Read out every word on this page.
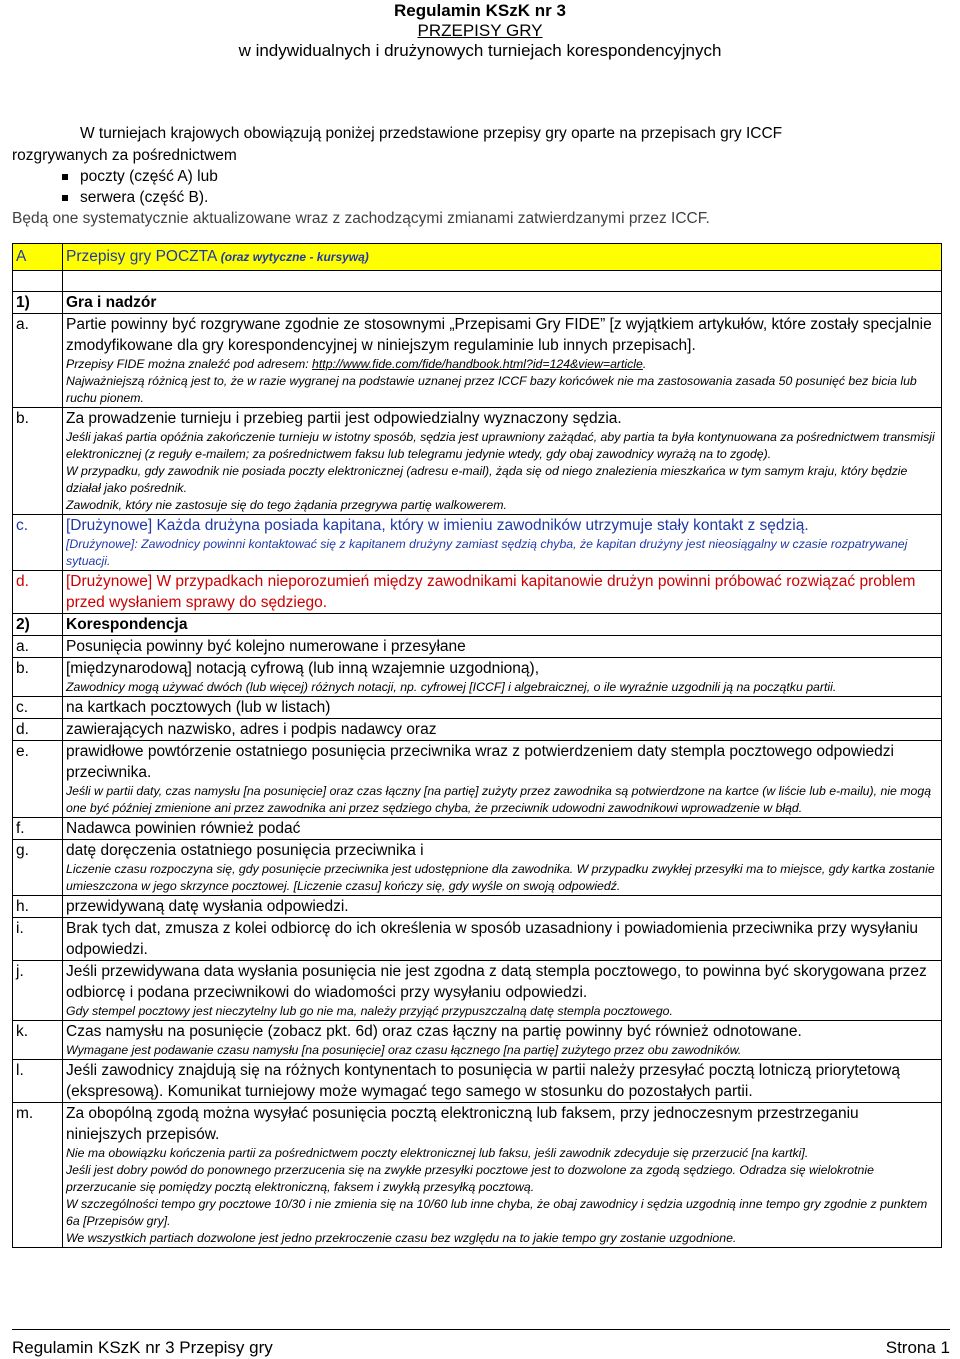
Regulamin KSzK nr 3
PRZEPISY GRY
w indywidualnych i drużynowych turniejach korespondencyjnych
W turniejach krajowych obowiązują poniżej przedstawione przepisy gry oparte na przepisach gry ICCF
rozgrywanych za pośrednictwem
poczty (część A) lub
serwera (część B).
Będą one systematycznie aktualizowane wraz z zachodzącymi zmianami zatwierdzanymi przez ICCF.
A	Przepisy gry POCZTA (oraz wytyczne - kursywą)

1)	Gra i nadzór
a.	Partie powinny być rozgrywane zgodnie ze stosownymi „Przepisami Gry FIDE” [z wyjątkiem artykułów, które zostały specjalnie zmodyfikowane dla gry korespondencyjnej w niniejszym regulaminie lub innych przepisach].
Przepisy FIDE można znaleźć pod adresem: http://www.fide.com/fide/handbook.html?id=124&view=article.
Najważniejszą różnicą jest to, że w razie wygranej na podstawie uznanej przez ICCF bazy końcówek nie ma zastosowania zasada 50 posunięć bez bicia lub ruchu pionem.

b.	Za prowadzenie turnieju i przebieg partii jest odpowiedzialny wyznaczony sędzia.
Jeśli jakaś partia opóźnia zakończenie turnieju w istotny sposób, sędzia jest uprawniony zażądać, aby partia ta była kontynuowana za pośrednictwem transmisji elektronicznej (z reguły e-mailem; za pośrednictwem faksu lub telegramu jedynie wtedy, gdy obaj zawodnicy wyrażą na to zgodę).
W przypadku, gdy zawodnik nie posiada poczty elektronicznej (adresu e-mail), żąda się od niego znalezienia mieszkańca w tym samym kraju, który będzie działał jako pośrednik.
Zawodnik, który nie zastosuje się do tego żądania przegrywa partię walkowerem.

c.	[Drużynowe] Każda drużyna posiada kapitana, który w imieniu zawodników utrzymuje stały kontakt z sędzią.
[Drużynowe]: Zawodnicy powinni kontaktować się z kapitanem drużyny zamiast sędzią chyba, że kapitan drużyny jest nieosiągalny w czasie rozpatrywanej sytuacji.

d.	[Drużynowe] W przypadkach nieporozumień między zawodnikami kapitanowie drużyn powinni próbować rozwiązać problem przed wysłaniem sprawy do sędziego.

2)	Korespondencja
a.	Posunięcia powinny być kolejno numerowane i przesyłane
b.	[międzynarodową] notacją cyfrową (lub inną wzajemnie uzgodnioną),
Zawodnicy mogą używać dwóch (lub więcej) różnych notacji, np. cyfrowej [ICCF] i algebraicznej, o ile wyraźnie uzgodnili ją na początku partii.

c.	na kartkach pocztowych (lub w listach)
d.	zawierających nazwisko, adres i podpis nadawcy oraz
e.	prawidłowe powtórzenie ostatniego posunięcia przeciwnika wraz z potwierdzeniem daty stempla pocztowego odpowiedzi przeciwnika.
Jeśli w partii daty, czas namysłu [na posunięcie] oraz czas łączny [na partię] zużyty przez zawodnika są potwierdzone na kartce (w liście lub e-mailu), nie mogą one być później zmienione ani przez zawodnika ani przez sędziego chyba, że przeciwnik udowodni zawodnikowi wprowadzenie w błąd.

f.	Nadawca powinien również podać
g.	datę doręczenia ostatniego posunięcia przeciwnika i
Liczenie czasu rozpoczyna się, gdy posunięcie przeciwnika jest udostępnione dla zawodnika. W przypadku zwykłej przesyłki ma to miejsce, gdy kartka zostanie umieszczona w jego skrzynce pocztowej. [Liczenie czasu] kończy się, gdy wyśle on swoją odpowiedź.

h.	przewidywaną datę wysłania odpowiedzi.
i.	Brak tych dat, zmusza z kolei odbiorcę do ich określenia w sposób uzasadniony i powiadomienia przeciwnika przy wysyłaniu odpowiedzi.
j.	Jeśli przewidywana data wysłania posunięcia nie jest zgodna z datą stempla pocztowego, to powinna być skorygowana przez odbiorcę i podana przeciwnikowi do wiadomości przy wysyłaniu odpowiedzi.
Gdy stempel pocztowy jest nieczytelny lub go nie ma, należy przyjąć przypuszczalną datę stempla pocztowego.

k.	Czas namysłu na posunięcie (zobacz pkt. 6d) oraz czas łączny na partię powinny być również odnotowane.
Wymagane jest podawanie czasu namysłu [na posunięcie] oraz czasu łącznego [na partię] zużytego przez obu zawodników.

l.	Jeśli zawodnicy znajdują się na różnych kontynentach to posunięcia w partii należy przesyłać pocztą lotniczą priorytetową (ekspresową). Komunikat turniejowy może wymagać tego samego w stosunku do pozostałych partii.
m.	Za obopólną zgodą można wysyłać posunięcia pocztą elektroniczną lub faksem, przy jednoczesnym przestrzeganiu niniejszych przepisów.
Nie ma obowiązku kończenia partii za pośrednictwem poczty elektronicznej lub faksu, jeśli zawodnik zdecyduje się przerzucić [na kartki].
Jeśli jest dobry powód do ponownego przerzucenia się na zwykłe przesyłki pocztowe jest to dozwolone za zgodą sędziego. Odradza się wielokrotnie przerzucanie się pomiędzy pocztą elektroniczną, faksem i zwykłą przesyłką pocztową.
W szczególności tempo gry pocztowe 10/30 i nie zmienia się na 10/60 lub inne chyba, że obaj zawodnicy i sędzia uzgodnią inne tempo gry zgodnie z punktem 6a [Przepisów gry].
We wszystkich partiach dozwolone jest jedno przekroczenie czasu bez względu na to jakie tempo gry zostanie uzgodnione.
Regulamin KSzK nr 3 Przepisy gry	Strona 1
